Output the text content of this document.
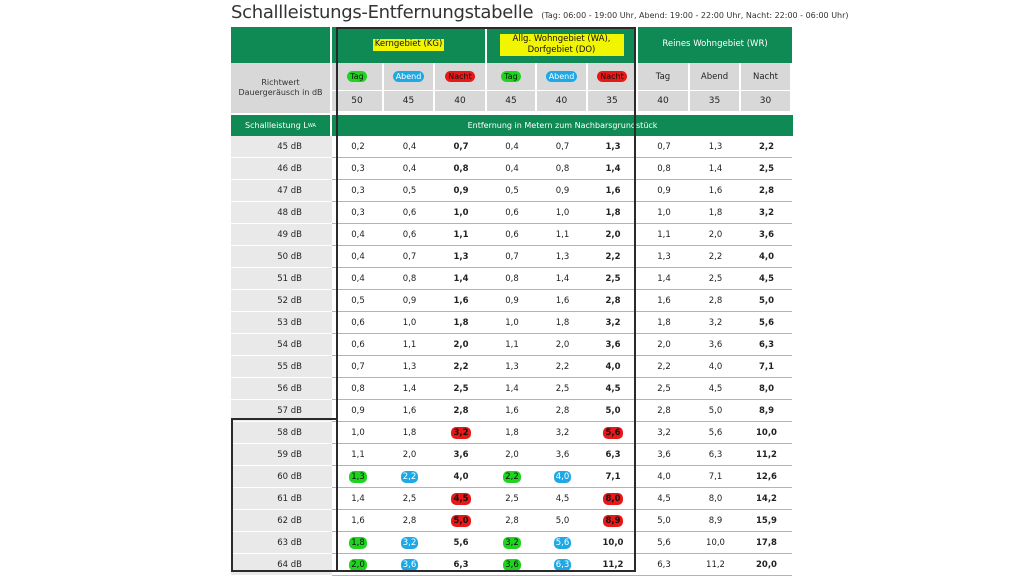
Schallleistungs-Entfernungstabelle (Tag: 06:00 - 19:00 Uhr, Abend: 19:00 - 22:00 Uhr, Nacht: 22:00 - 06:00 Uhr)
Kerngebiet (KG)
Allg. Wohngebiet (WA), Dorfgebiet (DO)
Reines Wohngebiet (WR)
Richtwert Dauergeräusch in dB
Tag	Abend	Nacht	Tag	Abend	Nacht	Tag	Abend	Nacht
50	45	40	45	40	35	40	35	30
Schallleistung L WA	Entfernung in Metern zum Nachbarsgrundstück
45 dB	0,2	0,4	0,7	0,4	0,7	1,3	0,7	1,3	2,2
46 dB	0,3	0,4	0,8	0,4	0,8	1,4	0,8	1,4	2,5
47 dB	0,3	0,5	0,9	0,5	0,9	1,6	0,9	1,6	2,8
48 dB	0,3	0,6	1,0	0,6	1,0	1,8	1,0	1,8	3,2
49 dB	0,4	0,6	1,1	0,6	1,1	2,0	1,1	2,0	3,6
50 dB	0,4	0,7	1,3	0,7	1,3	2,2	1,3	2,2	4,0
51 dB	0,4	0,8	1,4	0,8	1,4	2,5	1,4	2,5	4,5
52 dB	0,5	0,9	1,6	0,9	1,6	2,8	1,6	2,8	5,0
53 dB	0,6	1,0	1,8	1,0	1,8	3,2	1,8	3,2	5,6
54 dB	0,6	1,1	2,0	1,1	2,0	3,6	2,0	3,6	6,3
55 dB	0,7	1,3	2,2	1,3	2,2	4,0	2,2	4,0	7,1
56 dB	0,8	1,4	2,5	1,4	2,5	4,5	2,5	4,5	8,0
57 dB	0,9	1,6	2,8	1,6	2,8	5,0	2,8	5,0	8,9
58 dB	1,0	1,8	3,2	1,8	3,2	5,6	3,2	5,6	10,0
59 dB	1,1	2,0	3,6	2,0	3,6	6,3	3,6	6,3	11,2
60 dB	1,3	2,2	4,0	2,2	4,0	7,1	4,0	7,1	12,6
61 dB	1,4	2,5	4,5	2,5	4,5	8,0	4,5	8,0	14,2
62 dB	1,6	2,8	5,0	2,8	5,0	8,9	5,0	8,9	15,9
63 dB	1,8	3,2	5,6	3,2	5,6	10,0	5,6	10,0	17,8
64 dB	2,0	3,6	6,3	3,6	6,3	11,2	6,3	11,2	20,0
